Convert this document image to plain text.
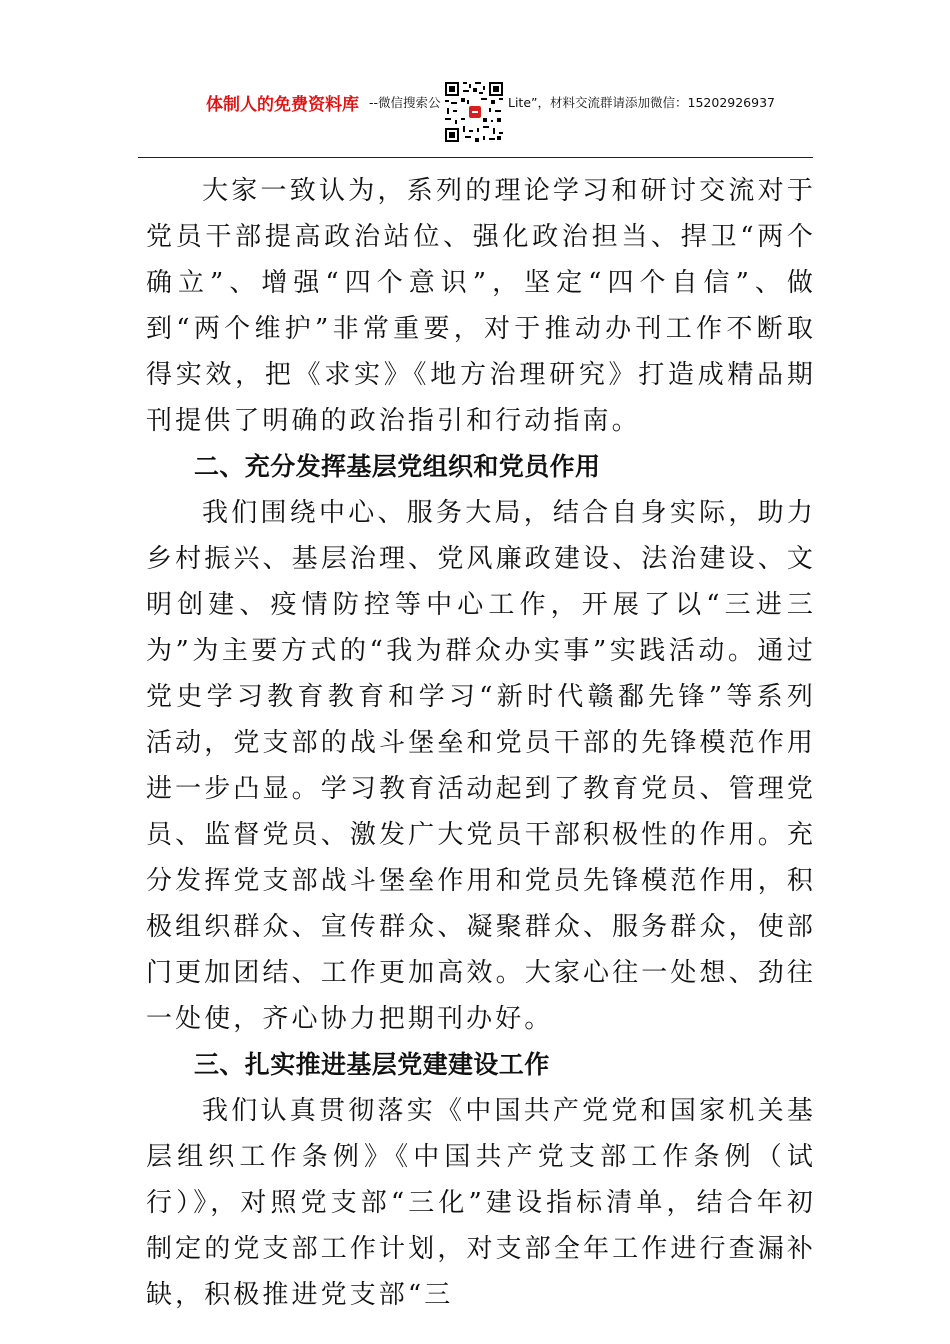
体制人的免费资料库 --微信搜索公	Lite”，材料交流群请添加微信：15202926937

大家一致认为，系列的理论学习和研讨交流对于党员干部提高政治站位、强化政治担当、捍卫“两个确立”、增强“四个意识”，坚定“四个自信”、做到“两个维护”非常重要，对于推动办刊工作不断取得实效，把《求实》《地方治理研究》打造成精品期刊提供了明确的政治指引和行动指南。

二、充分发挥基层党组织和党员作用

我们围绕中心、服务大局，结合自身实际，助力乡村振兴、基层治理、党风廉政建设、法治建设、文明创建、疫情防控等中心工作，开展了以“三进三为”为主要方式的“我为群众办实事”实践活动。通过党史学习教育教育和学习“新时代赣鄱先锋”等系列活动，党支部的战斗堡垒和党员干部的先锋模范作用进一步凸显。学习教育活动起到了教育党员、管理党员、监督党员、激发广大党员干部积极性的作用。充分发挥党支部战斗堡垒作用和党员先锋模范作用，积极组织群众、宣传群众、凝聚群众、服务群众，使部门更加团结、工作更加高效。大家心往一处想、劲往一处使，齐心协力把期刊办好。

三、扎实推进基层党建建设工作

我们认真贯彻落实《中国共产党党和国家机关基层组织工作条例》《中国共产党支部工作条例（试行）》，对照党支部“三化”建设指标清单，结合年初制定的党支部工作计划，对支部全年工作进行查漏补缺，积极推进党支部“三
